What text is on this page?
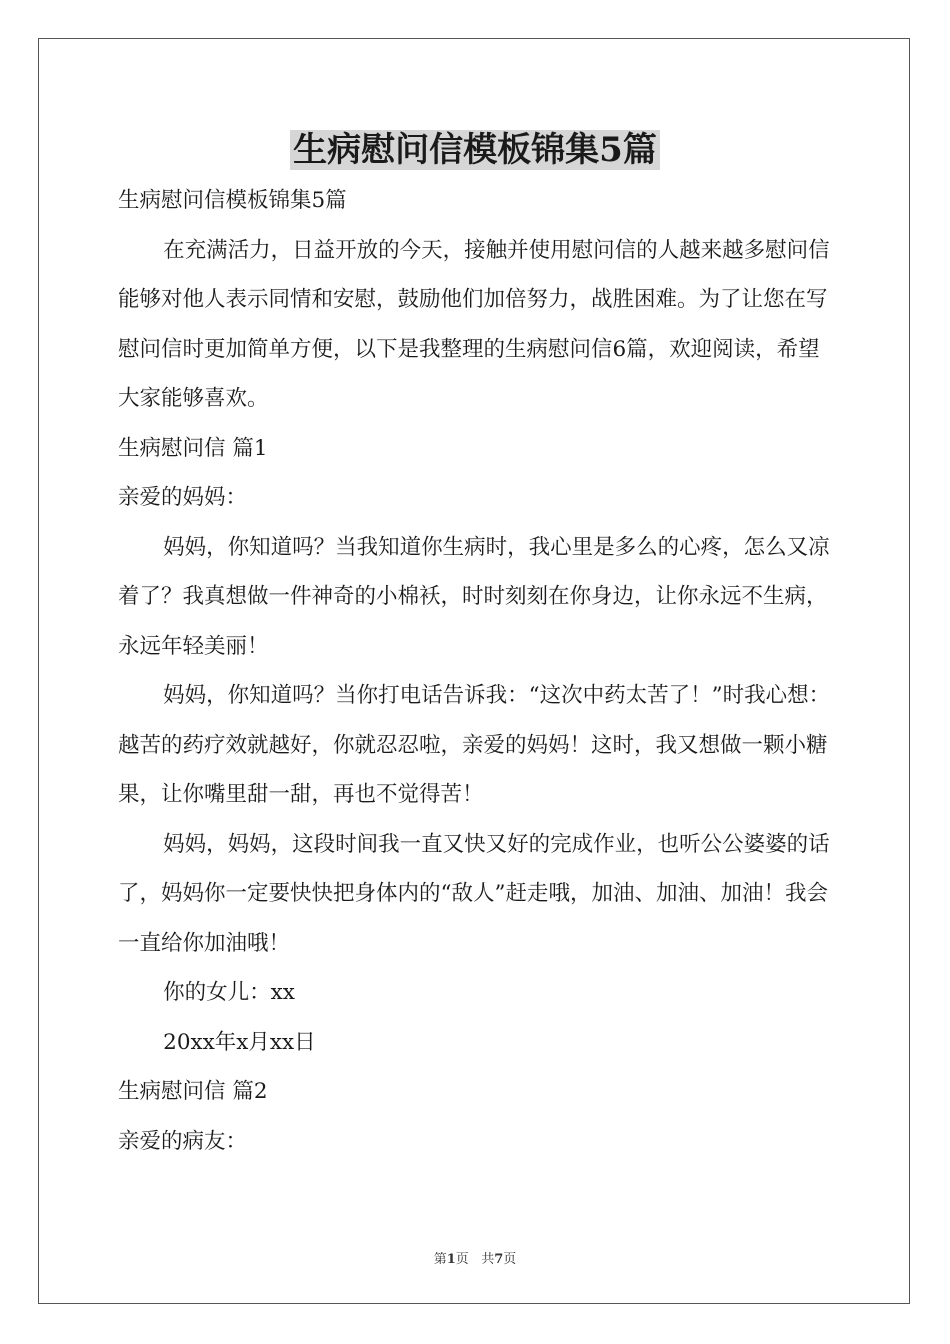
生病慰问信模板锦集5篇

生病慰问信模板锦集5篇

在充满活力，日益开放的今天，接触并使用慰问信的人越来越多慰问信能够对他人表示同情和安慰，鼓励他们加倍努力，战胜困难。为了让您在写慰问信时更加简单方便，以下是我整理的生病慰问信6篇，欢迎阅读，希望大家能够喜欢。

生病慰问信 篇1

亲爱的妈妈：

妈妈，你知道吗？当我知道你生病时，我心里是多么的心疼，怎么又凉着了？我真想做一件神奇的小棉袄，时时刻刻在你身边，让你永远不生病，永远年轻美丽！

妈妈，你知道吗？当你打电话告诉我：“这次中药太苦了！”时我心想：越苦的药疗效就越好，你就忍忍啦，亲爱的妈妈！这时，我又想做一颗小糖果，让你嘴里甜一甜，再也不觉得苦！

妈妈，妈妈，这段时间我一直又快又好的完成作业，也听公公婆婆的话了，妈妈你一定要快快把身体内的“敌人”赶走哦，加油、加油、加油！我会一直给你加油哦！

你的女儿：xx

20xx年x月xx日

生病慰问信 篇2

亲爱的病友：

第1页 共7页
